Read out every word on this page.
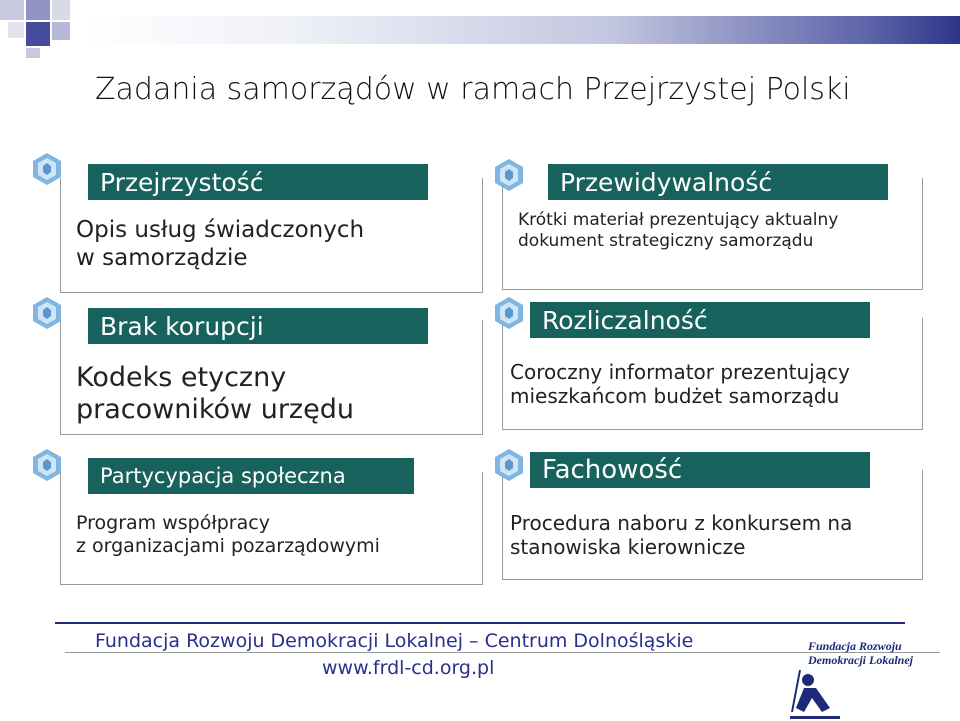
Zadania samorządów w ramach Przejrzystej Polski
Przejrzystość
Opis usług świadczonych
w samorządzie
Brak korupcji
Kodeks etyczny
pracowników urzędu
Partycypacja społeczna
Program współpracy
z organizacjami pozarządowymi
Przewidywalność
Krótki materiał prezentujący aktualny
dokument strategiczny samorządu
Rozliczalność
Coroczny informator prezentujący
mieszkańcom budżet samorządu
Fachowość
Procedura naboru z konkursem na
stanowiska kierownicze
Fundacja Rozwoju Demokracji Lokalnej – Centrum Dolnośląskie
www.frdl-cd.org.pl
Fundacja Rozwoju
Demokracji Lokalnej
